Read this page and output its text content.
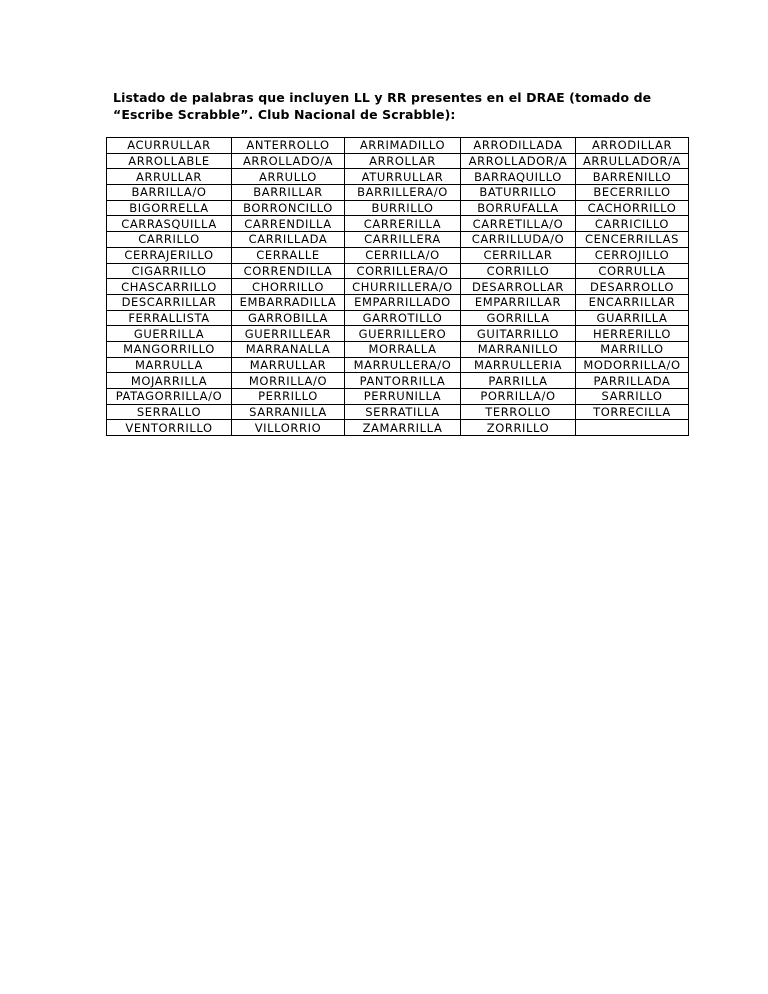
Listado de palabras que incluyen LL y RR presentes en el DRAE (tomado de
“Escribe Scrabble”. Club Nacional de Scrabble):
ACURRULLAR	ANTERROLLO	ARRIMADILLO	ARRODILLADA	ARRODILLAR
ARROLLABLE	ARROLLADO/A	ARROLLAR	ARROLLADOR/A	ARRULLADOR/A
ARRULLAR	ARRULLO	ATURRULLAR	BARRAQUILLO	BARRENILLO
BARRILLA/O	BARRILLAR	BARRILLERA/O	BATURRILLO	BECERRILLO
BIGORRELLA	BORRONCILLO	BURRILLO	BORRUFALLA	CACHORRILLO
CARRASQUILLA	CARRENDILLA	CARRERILLA	CARRETILLA/O	CARRICILLO
CARRILLO	CARRILLADA	CARRILLERA	CARRILLUDA/O	CENCERRILLAS
CERRAJERILLO	CERRALLE	CERRILLA/O	CERRILLAR	CERROJILLO
CIGARRILLO	CORRENDILLA	CORRILLERA/O	CORRILLO	CORRULLA
CHASCARRILLO	CHORRILLO	CHURRILLERA/O	DESARROLLAR	DESARROLLO
DESCARRILLAR	EMBARRADILLA	EMPARRILLADO	EMPARRILLAR	ENCARRILLAR
FERRALLISTA	GARROBILLA	GARROTILLO	GORRILLA	GUARRILLA
GUERRILLA	GUERRILLEAR	GUERRILLERO	GUITARRILLO	HERRERILLO
MANGORRILLO	MARRANALLA	MORRALLA	MARRANILLO	MARRILLO
MARRULLA	MARRULLAR	MARRULLERA/O	MARRULLERIA	MODORRILLA/O
MOJARRILLA	MORRILLA/O	PANTORRILLA	PARRILLA	PARRILLADA
PATAGORRILLA/O	PERRILLO	PERRUNILLA	PORRILLA/O	SARRILLO
SERRALLO	SARRANILLA	SERRATILLA	TERROLLO	TORRECILLA
VENTORRILLO	VILLORRIO	ZAMARRILLA	ZORRILLO	
